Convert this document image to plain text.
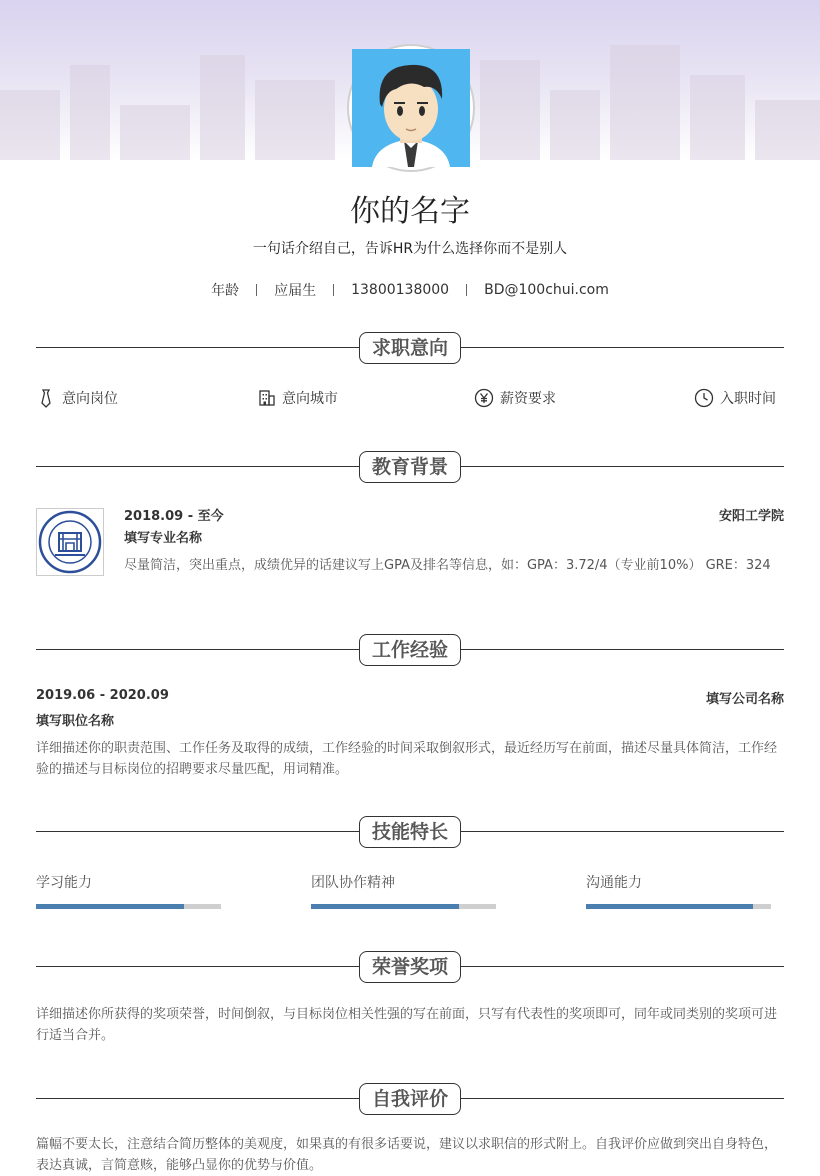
你的名字
一句话介绍自己，告诉HR为什么选择你而不是别人
年龄	应届生	13800138000	BD@100chui.com
求职意向
意向岗位	意向城市	薪资要求	入职时间
教育背景
2018.09 - 至今	安阳工学院
填写专业名称
尽量简洁，突出重点，成绩优异的话建议写上GPA及排名等信息，如：GPA：3.72/4（专业前10%） GRE：324
工作经验
2019.06 - 2020.09	填写公司名称
填写职位名称
详细描述你的职责范围、工作任务及取得的成绩，工作经验的时间采取倒叙形式，最近经历写在前面，描述尽量具体简洁，工作经验的描述与目标岗位的招聘要求尽量匹配，用词精准。
技能特长
学习能力	团队协作精神	沟通能力
荣誉奖项
详细描述你所获得的奖项荣誉，时间倒叙，与目标岗位相关性强的写在前面，只写有代表性的奖项即可，同年或同类别的奖项可进行适当合并。
自我评价
篇幅不要太长，注意结合简历整体的美观度，如果真的有很多话要说，建议以求职信的形式附上。自我评价应做到突出自身特色，表达真诚，言简意赅，能够凸显你的优势与价值。
